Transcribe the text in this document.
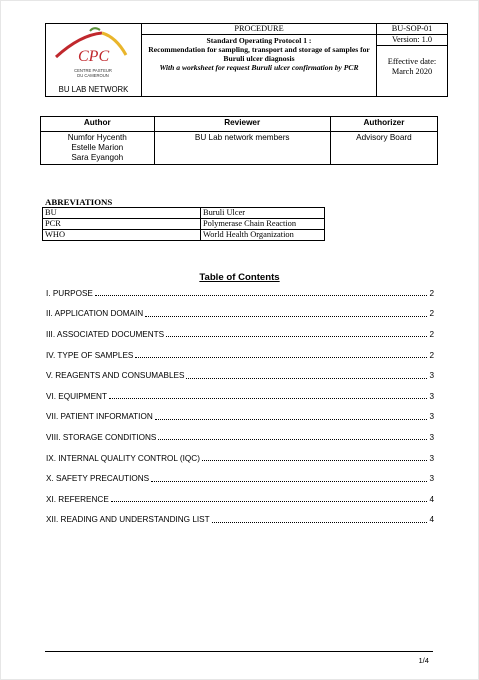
CPC
CENTRE PASTEUR
DU CAMEROUN
BU LAB NETWORK
PROCEDURE
Standard Operating Protocol 1 :
Recommendation for sampling, transport and storage of samples for Buruli ulcer diagnosis
With a worksheet for request Buruli ulcer confirmation by PCR
BU-SOP-01
Version: 1.0
Effective date:
March 2020
Author	Reviewer	Authorizer

Numfor Hycenth
Estelle Marion
Sara Eyangoh	BU Lab network members	Advisory Board
ABREVIATIONS
BU	Buruli Ulcer
PCR	Polymerase Chain Reaction
WHO	World Health Organization
Table of Contents
I. PURPOSE	2
II. APPLICATION DOMAIN	2
III. ASSOCIATED DOCUMENTS	2
IV. TYPE OF SAMPLES	2
V. REAGENTS AND CONSUMABLES	3
VI. EQUIPMENT	3
VII. PATIENT INFORMATION	3
VIII. STORAGE CONDITIONS	3
IX. INTERNAL QUALITY CONTROL (IQC)	3
X. SAFETY PRECAUTIONS	3
XI. REFERENCE	4
XII. READING AND UNDERSTANDING LIST	4
1/4
